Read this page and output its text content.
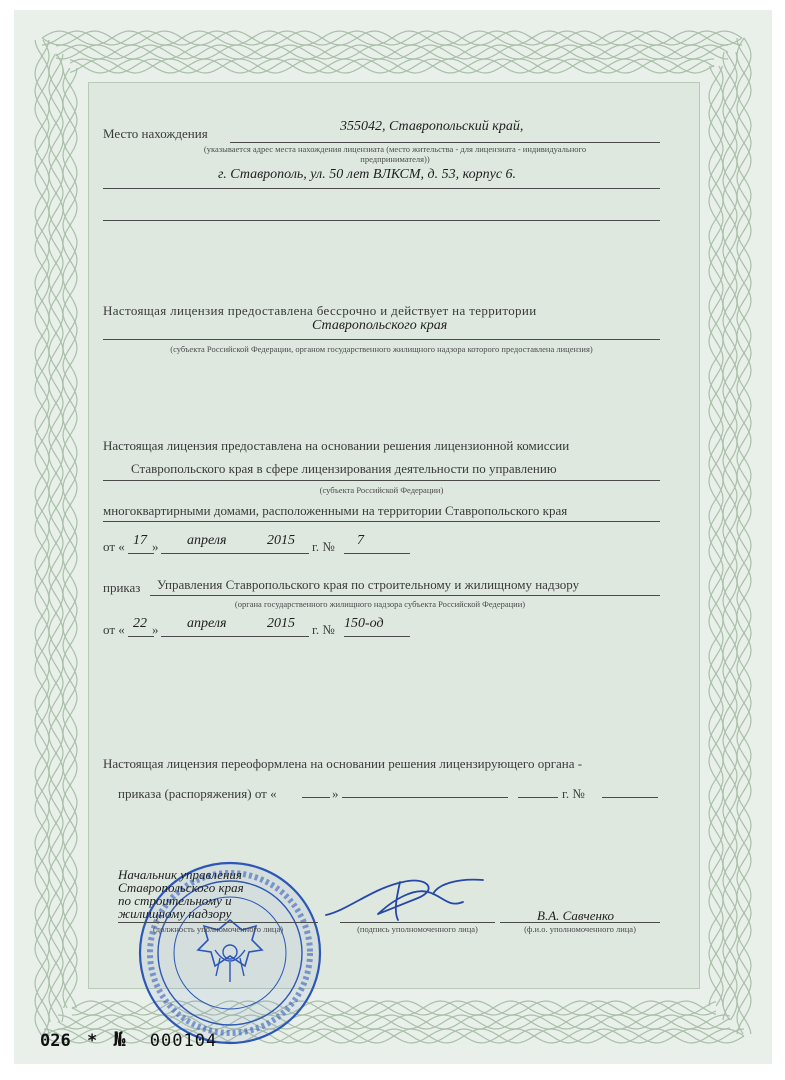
Место нахождения	355042, Ставропольский край,
(указывается адрес места нахождения лицензиата (место жительства - для лицензиата - индивидуального
предпринимателя))
г. Ставрополь, ул. 50 лет ВЛКСМ, д. 53, корпус 6.
Настоящая лицензия предоставлена бессрочно и действует на территории
Ставропольского края
(субъекта Российской Федерации, органом государственного жилищного надзора которого предоставлена лицензия)
Настоящая лицензия предоставлена на основании решения лицензионной комиссии
Ставропольского края в сфере лицензирования деятельности по управлению
(субъекта Российской Федерации)
многоквартирными домами, расположенными на территории Ставропольского края
от « 17 » апреля	2015 г. № 7
приказ Управления Ставропольского края по строительному и жилищному надзору
(органа государственного жилищного надзора субъекта Российской Федерации)
от « 22 » апреля	2015 г. № 150-од
Настоящая лицензия переоформлена на основании решения лицензирующего органа -
приказа (распоряжения) от «	»	г. №
Начальник управления
Ставропольского края
по строительному и
жилищному надзору
(должность уполномоченного лица)	(подпись уполномоченного лица)
В.А. Савченко
(ф.и.о. уполномоченного лица)
026 * № 000104
